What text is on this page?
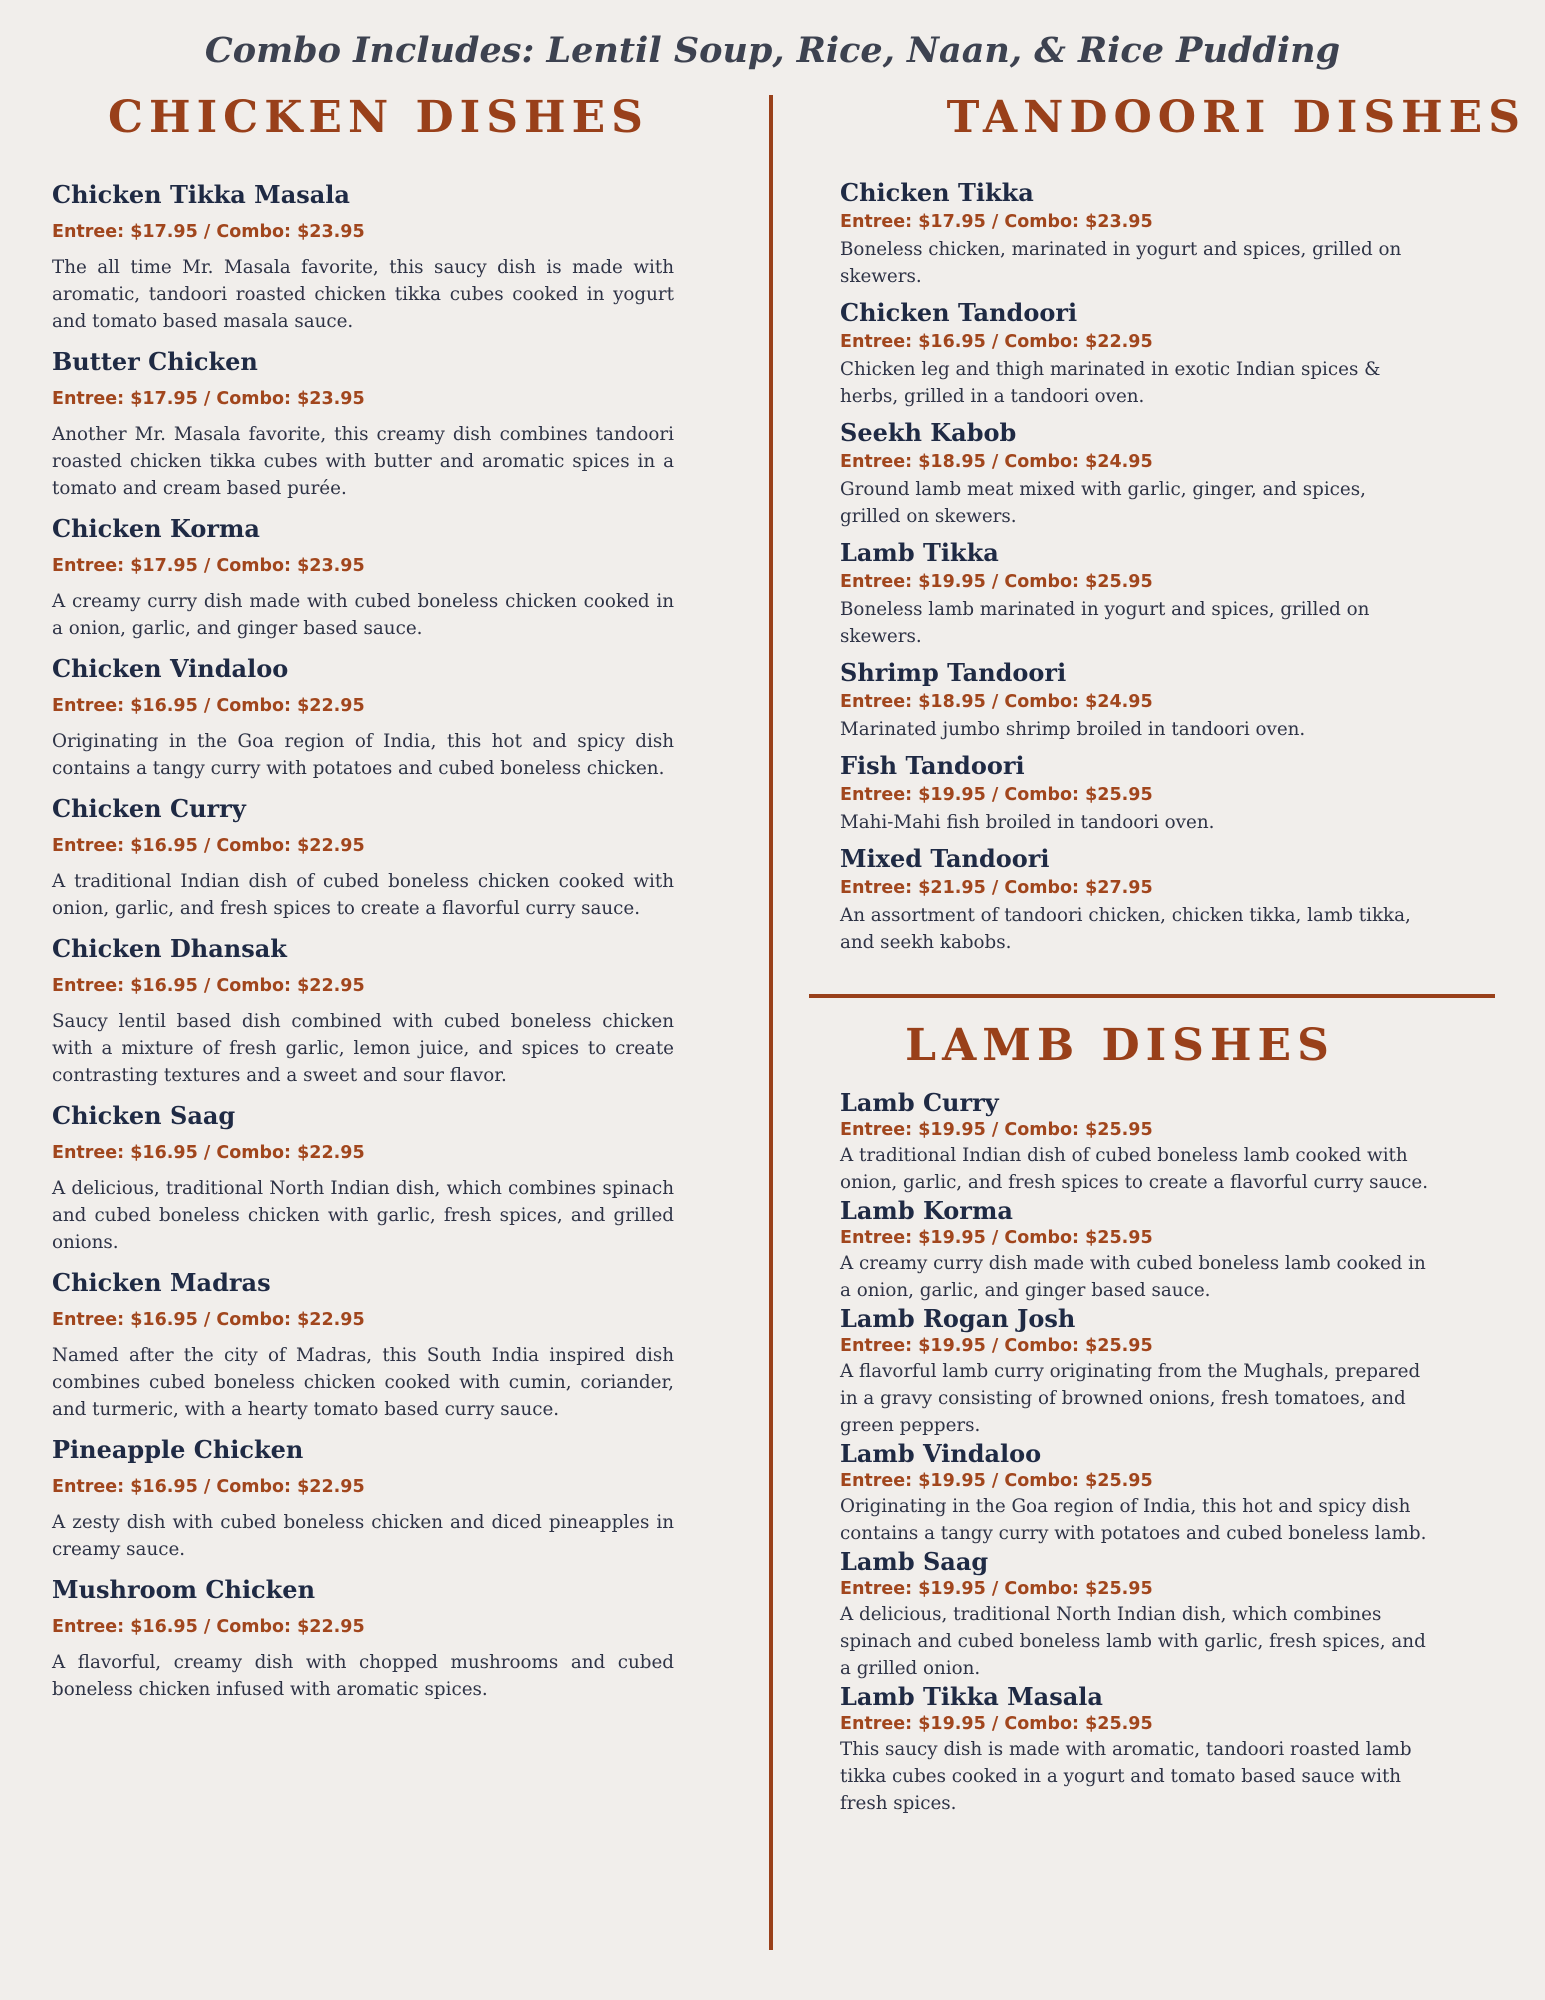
Combo Includes: Lentil Soup, Rice, Naan, & Rice Pudding
CHICKEN DISHES
Chicken Tikka Masala
Entree: $17.95 / Combo: $23.95
The all time Mr. Masala favorite, this saucy dish is made with aromatic, tandoori roasted chicken tikka cubes cooked in yogurt and tomato based masala sauce.
Butter Chicken
Entree: $17.95 / Combo: $23.95
Another Mr. Masala favorite, this creamy dish combines tandoori roasted chicken tikka cubes with butter and aromatic spices in a tomato and cream based purée.
Chicken Korma
Entree: $17.95 / Combo: $23.95
A creamy curry dish made with cubed boneless chicken cooked in a onion, garlic, and ginger based sauce.
Chicken Vindaloo
Entree: $16.95 / Combo: $22.95
Originating in the Goa region of India, this hot and spicy dish contains a tangy curry with potatoes and cubed boneless chicken.
Chicken Curry
Entree: $16.95 / Combo: $22.95
A traditional Indian dish of cubed boneless chicken cooked with onion, garlic, and fresh spices to create a flavorful curry sauce.
Chicken Dhansak
Entree: $16.95 / Combo: $22.95
Saucy lentil based dish combined with cubed boneless chicken with a mixture of fresh garlic, lemon juice, and spices to create contrasting textures and a sweet and sour flavor.
Chicken Saag
Entree: $16.95 / Combo: $22.95
A delicious, traditional North Indian dish, which combines spinach and cubed boneless chicken with garlic, fresh spices, and grilled onions.
Chicken Madras
Entree: $16.95 / Combo: $22.95
Named after the city of Madras, this South India inspired dish combines cubed boneless chicken cooked with cumin, coriander, and turmeric, with a hearty tomato based curry sauce.
Pineapple Chicken
Entree: $16.95 / Combo: $22.95
A zesty dish with cubed boneless chicken and diced pineapples in creamy sauce.
Mushroom Chicken
Entree: $16.95 / Combo: $22.95
A flavorful, creamy dish with chopped mushrooms and cubed boneless chicken infused with aromatic spices.
TANDOORI DISHES
Chicken Tikka
Entree: $17.95 / Combo: $23.95
Boneless chicken, marinated in yogurt and spices, grilled on skewers.
Chicken Tandoori
Entree: $16.95 / Combo: $22.95
Chicken leg and thigh marinated in exotic Indian spices & herbs, grilled in a tandoori oven.
Seekh Kabob
Entree: $18.95 / Combo: $24.95
Ground lamb meat mixed with garlic, ginger, and spices, grilled on skewers.
Lamb Tikka
Entree: $19.95 / Combo: $25.95
Boneless lamb marinated in yogurt and spices, grilled on skewers.
Shrimp Tandoori
Entree: $18.95 / Combo: $24.95
Marinated jumbo shrimp broiled in tandoori oven.
Fish Tandoori
Entree: $19.95 / Combo: $25.95
Mahi-Mahi fish broiled in tandoori oven.
Mixed Tandoori
Entree: $21.95 / Combo: $27.95
An assortment of tandoori chicken, chicken tikka, lamb tikka, and seekh kabobs.
LAMB DISHES
Lamb Curry
Entree: $19.95 / Combo: $25.95
A traditional Indian dish of cubed boneless lamb cooked with onion, garlic, and fresh spices to create a flavorful curry sauce.
Lamb Korma
Entree: $19.95 / Combo: $25.95
A creamy curry dish made with cubed boneless lamb cooked in a onion, garlic, and ginger based sauce.
Lamb Rogan Josh
Entree: $19.95 / Combo: $25.95
A flavorful lamb curry originating from the Mughals, prepared in a gravy consisting of browned onions, fresh tomatoes, and green peppers.
Lamb Vindaloo
Entree: $19.95 / Combo: $25.95
Originating in the Goa region of India, this hot and spicy dish contains a tangy curry with potatoes and cubed boneless lamb.
Lamb Saag
Entree: $19.95 / Combo: $25.95
A delicious, traditional North Indian dish, which combines spinach and cubed boneless lamb with garlic, fresh spices, and a grilled onion.
Lamb Tikka Masala
Entree: $19.95 / Combo: $25.95
This saucy dish is made with aromatic, tandoori roasted lamb tikka cubes cooked in a yogurt and tomato based sauce with fresh spices.
